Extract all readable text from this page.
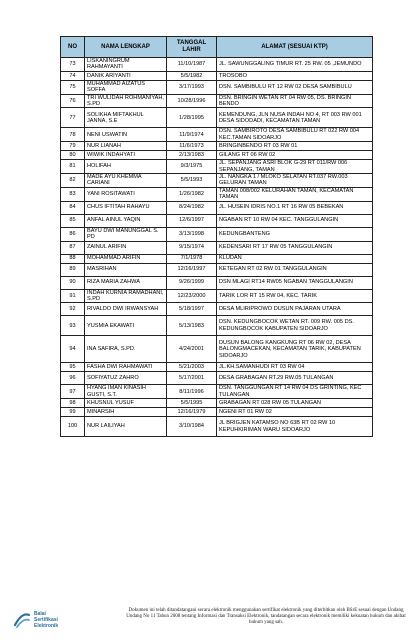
NO	NAMA LENGKAP	TANGGAL LAHIR	ALAMAT (SESUAI KTP)
73	LISKANINGRUM RAHMAYANTI	11/10/1987	JL. SAWUNGGALING TIMUR RT. 25 RW. 05 ,JEMUNDO
74	DANIK ARIYANTI	5/5/1982	TROSOBO
75	MUHAMMAD AIZATUS SOFFA	3/17/1993	DSN. SAMBIBULU RT 12 RW 02 DESA SAMBIBULU
76	TRI WULIDAH ROHMANIYAH, S.PD	10/28/1996	DSN. BRINGIN WETAN RT 04 RW 05, DS. BRINGIN BENDO
77	SOLIKHA MIFTAKHUL JANNA, S.E	1/28/1995	KEMENDUNG, JLN NUSA INDAH NO 4, RT 003 RW 001 DESA SIDODADI, KECAMATAN TAMAN
78	NENI USWATIN	11/9/1974	DSN. SAMBIROTO DESA SAMBIBULU RT 022 RW 004 KEC.TAMAN SIDOARJO
79	NUR LIANAH	11/6/1973	BRINGINBENDO RT 03 RW 01
80	WIWIK INDAHYATI	2/13/1983	GILANG RT 06 RW 02
81	HOLIFAH	9/3/1975	JL. SEPANJANG ASRI BLOK G-29 RT 011/RW 006 SEPANJANG, TAMAN
82	MADE AYU KHEMMA CARIANI	5/5/1993	JL. NANGKA 1 / MLOKO SELATAN RT.037 RW.003 GELURAN TAMAN
83	YANI ROSITAWATI	1/26/1982	TAMAN 008/002 KELURAHAN TAMAN, KECAMATAN TAMAN
84	CHUS IFTITAH RAHAYU	8/24/1982	JL. HUSEIN IDRIS NO.1 RT 16 RW 05 BEBEKAN
85	ANFAL AINUL YAQIN	12/6/1997	NGABAN RT 10 RW 04 KEC. TANGGULANGIN
86	BAYU DWI MANUNGGAL S. PD	3/13/1998	KEDUNGBANTENG
87	ZAINUL ARIFIN	9/15/1974	KEDENSARI RT 17 RW 05 TANGGULANGIN
88	MOHAMMAD ARIFIN	7/1/1978	KLUDAN
89	MASRIHAN	12/16/1997	KETEGAN RT 02 RW 01 TANGGULANGIN
90	RIZA MARIA ZAHWA	9/26/1999	DSN MLAGI RT14 RW05 NGABAN TANGGULANGIN
91	INDAH KURNIA RAMADHANI, S.PD	12/23/2000	TARIK LOR RT 15 RW 04, KEC. TARIK
92	RIVALDO DWI IRWANSYAH	5/18/1997	DESA MLIRIPROWO DUSUN PAJARAN UTARA
93	YUSMIA EKAWATI	5/13/1983	DSN. KEDUNGBOCOK WETAN RT. 009 RW. 005 DS. KEDUNGBOCOK KABUPATEN SIDOARJO
94	INA SAFIRA, S.PD.	4/24/2001	DUSUN BALONG KANGKUNG RT 06 RW 02, DESA BALONGMACEKAN, KECAMATAN TARIK, KABUPATEN SIDOARJO
95	FASHA DWI RAHMAWATI	5/21/2003	JL.KH.SAMANHUDI RT 03 RW 04
96	SOFIYATUZ ZAHRO	5/17/2001	DESA GRABAGAN RT.29 RW.05 TULANGAN
97	HYANG IMAN KINASIH GUSTI, S.T.	8/11/1996	DSN. TANGGUNGAN RT 14 RW 04 DS GRINTING, KEC TULANGAN
98	KHUSNUL YUSUF	5/5/1995	GRABAGAN RT 028 RW 05 TULANGAN
99	MINARSIH	12/16/1979	NGENI RT 01 RW 02
100	NUR LAILIYAH	3/10/1984	JL BRIGJEN KATAMSO NO 63B RT 02 RW 10 KEPUHKIRIMAN WARU SIDOARJO
Balai
Sertifikasi
Elektronik
Dokumen ini telah ditandatangani secara elektronik menggunakan sertifikat elektronik yang diterbitkan oleh BSrE sesuai dengan Undang Undang No 11 Tahun 2008 tentang Informasi dan Transaksi Elektronik, tandatangan secara elektronik memiliki kekuatan hukum dan akibat hukum yang sah.
